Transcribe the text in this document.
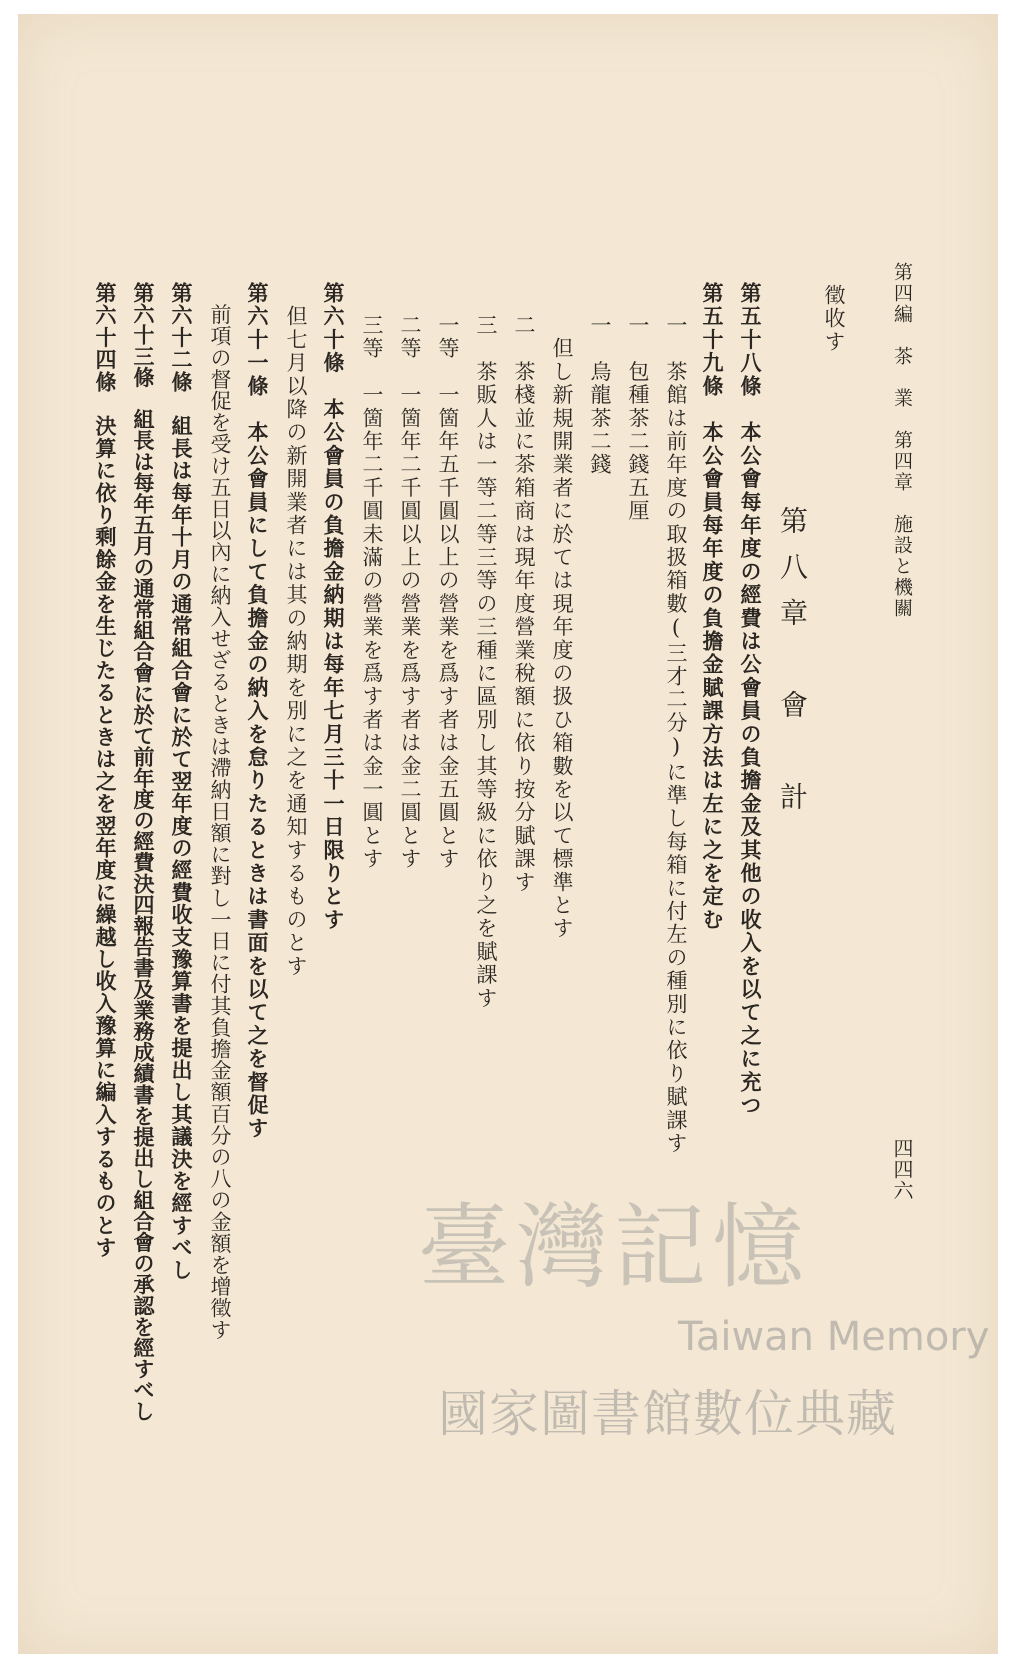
第四編　茶　業　第四章　施設と機關
四四六
第八章　會　計
徵收す
第五十八條　本公會每年度の經費は公會員の負擔金及其他の收入を以て之に充つ
第五十九條　本公會員每年度の負擔金賦課方法は左に之を定む
一　茶館は前年度の取扱箱數(三才二分)に準し每箱に付左の種別に依り賦課す
一　包種茶二錢五厘
一　烏龍茶二錢
　但し新規開業者に於ては現年度の扱ひ箱數を以て標準とす
二　茶棧並に茶箱商は現年度營業稅額に依り按分賦課す
三　茶販人は一等二等三等の三種に區別し其等級に依り之を賦課す
一等　一箇年五千圓以上の營業を爲す者は金五圓とす
二等　一箇年二千圓以上の營業を爲す者は金二圓とす
三等　一箇年二千圓未滿の營業を爲す者は金一圓とす
第六十條　本公會員の負擔金納期は每年七月三十一日限りとす
　但七月以降の新開業者には其の納期を別に之を通知するものとす
第六十一條　本公會員にして負擔金の納入を怠りたるときは書面を以て之を督促す
　前項の督促を受け五日以內に納入せざるときは滯納日額に對し一日に付其負擔金額百分の八の金額を增徵す
第六十二條　組長は每年十月の通常組合會に於て翌年度の經費收支豫算書を提出し其議決を經すべし
第六十三條　組長は每年五月の通常組合會に於て前年度の經費決四報告書及業務成績書を提出し組合會の承認を經すべし
第六十四條　決算に依り剩餘金を生じたるときは之を翌年度に繰越し收入豫算に編入するものとす	臺灣記憶
Taiwan Memory
國家圖書館數位典藏
